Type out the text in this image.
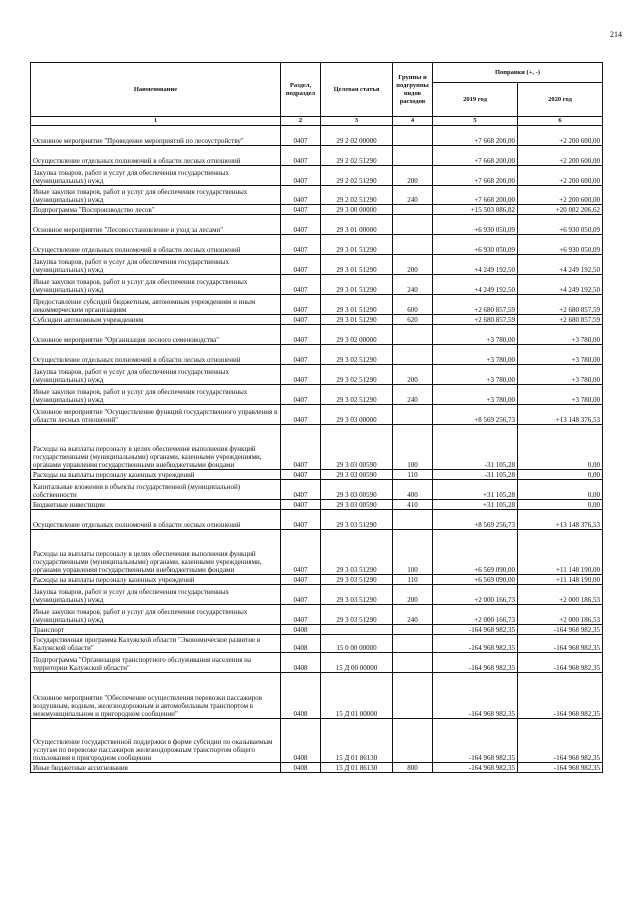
214
Наименование	Раздел, подраздел	Целевая статья	Группы и подгруппы видов расходов	Поправки (+, -)	
				2019 год	2020 год
1	2	3	4	5	6
Основное мероприятие "Проведение мероприятий по лесоустройству"	0407	29 2 02 00000		+7 668 200,00	+2 200 600,00
Осуществление отдельных полномочий в области лесных отношений	0407	29 2 02 51290		+7 668 200,00	+2 200 600,00
Закупка товаров, работ и услуг для обеспечения государственных (муниципальных) нужд	0407	29 2 02 51290	200	+7 668 200,00	+2 200 600,00
Иные закупки товаров, работ и услуг для обеспечения государственных (муниципальных) нужд	0407	29 2 02 51290	240	+7 668 200,00	+2 200 600,00
Подпрограмма "Воспроизводство лесов"	0407	29 3 00 00000		+15 503 086,82	+20 082 206,62
Основное мероприятие "Лесовосстановление и уход за лесами"	0407	29 3 01 00000		+6 930 050,09	+6 930 050,09
Осуществление отдельных полномочий в области лесных отношений	0407	29 3 01 51290		+6 930 050,09	+6 930 050,09
Закупка товаров, работ и услуг для обеспечения государственных (муниципальных) нужд	0407	29 3 01 51290	200	+4 249 192,50	+4 249 192,50
Иные закупки товаров, работ и услуг для обеспечения государственных (муниципальных) нужд	0407	29 3 01 51290	240	+4 249 192,50	+4 249 192,50
Предоставление субсидий бюджетным, автономным учреждениям и иным некоммерческим организациям	0407	29 3 01 51290	600	+2 680 857,59	+2 680 857,59
Субсидии автономным учреждениям	0407	29 3 01 51290	620	+2 680 857,59	+2 680 857,59
Основное мероприятие "Организация лесного семеноводства"	0407	29 3 02 00000		+3 780,00	+3 780,00
Осуществление отдельных полномочий в области лесных отношений	0407	29 3 02 51290		+3 780,00	+3 780,00
Закупка товаров, работ и услуг для обеспечения государственных (муниципальных) нужд	0407	29 3 02 51290	200	+3 780,00	+3 780,00
Иные закупки товаров, работ и услуг для обеспечения государственных (муниципальных) нужд	0407	29 3 02 51290	240	+3 780,00	+3 780,00
Основное мероприятие "Осуществление функций государственного управления в области лесных отношений"	0407	29 3 03 00000		+8 569 256,73	+13 148 376,53
Расходы на выплаты персоналу в целях обеспечения выполнения функций государственными (муниципальными) органами, казенными учреждениями, органами управления государственными внебюджетными фондами	0407	29 3 03 00590	100	-31 105,28	0,00
Расходы на выплаты персоналу казенных учреждений	0407	29 3 03 00590	110	-31 105,28	0,00
Капитальные вложения в объекты государственной (муниципальной) собственности	0407	29 3 03 00590	400	+31 105,28	0,00
Бюджетные инвестиции	0407	29 3 03 00590	410	+31 105,28	0,00
Осуществление отдельных полномочий в области лесных отношений	0407	29 3 03 51290		+8 569 256,73	+13 148 376,53
Расходы на выплаты персоналу в целях обеспечения выполнения функций государственными (муниципальными) органами, казенными учреждениями, органами управления государственными внебюджетными фондами	0407	29 3 03 51290	100	+6 569 090,00	+11 148 190,00
Расходы на выплаты персоналу казенных учреждений	0407	29 3 03 51290	110	+6 569 090,00	+11 148 190,00
Закупка товаров, работ и услуг для обеспечения государственных (муниципальных) нужд	0407	29 3 03 51290	200	+2 000 166,73	+2 000 186,53
Иные закупки товаров, работ и услуг для обеспечения государственных (муниципальных) нужд	0407	29 3 03 51290	240	+2 000 166,73	+2 000 186,53
Транспорт	0408			-164 968 982,35	-164 968 982,35
Государственная программа Калужской области "Экономическое развитие в Калужской области"	0408	15 0 00 00000		-164 968 982,35	-164 968 982,35
Подпрограмма "Организация транспортного обслуживания населения на территории Калужской области"	0408	15 Д 00 00000		-164 968 982,35	-164 968 982,35
Основное мероприятие "Обеспечение осуществления перевозки пассажиров воздушным, водным, железнодорожным и автомобильным транспортом в межмуниципальном и пригородном сообщении"	0408	15 Д 01 00000		-164 968 982,35	-164 968 982,35
Осуществление государственной поддержки в форме субсидии по оказываемым услугам по перевозке пассажиров железнодорожным транспортом общего пользования в пригородном сообщении	0408	15 Д 01 86130		-164 968 982,35	-164 968 982,35
Иные бюджетные ассигнования	0408	15 Д 01 86130	800	-164 968 982,35	-164 968 982,35
